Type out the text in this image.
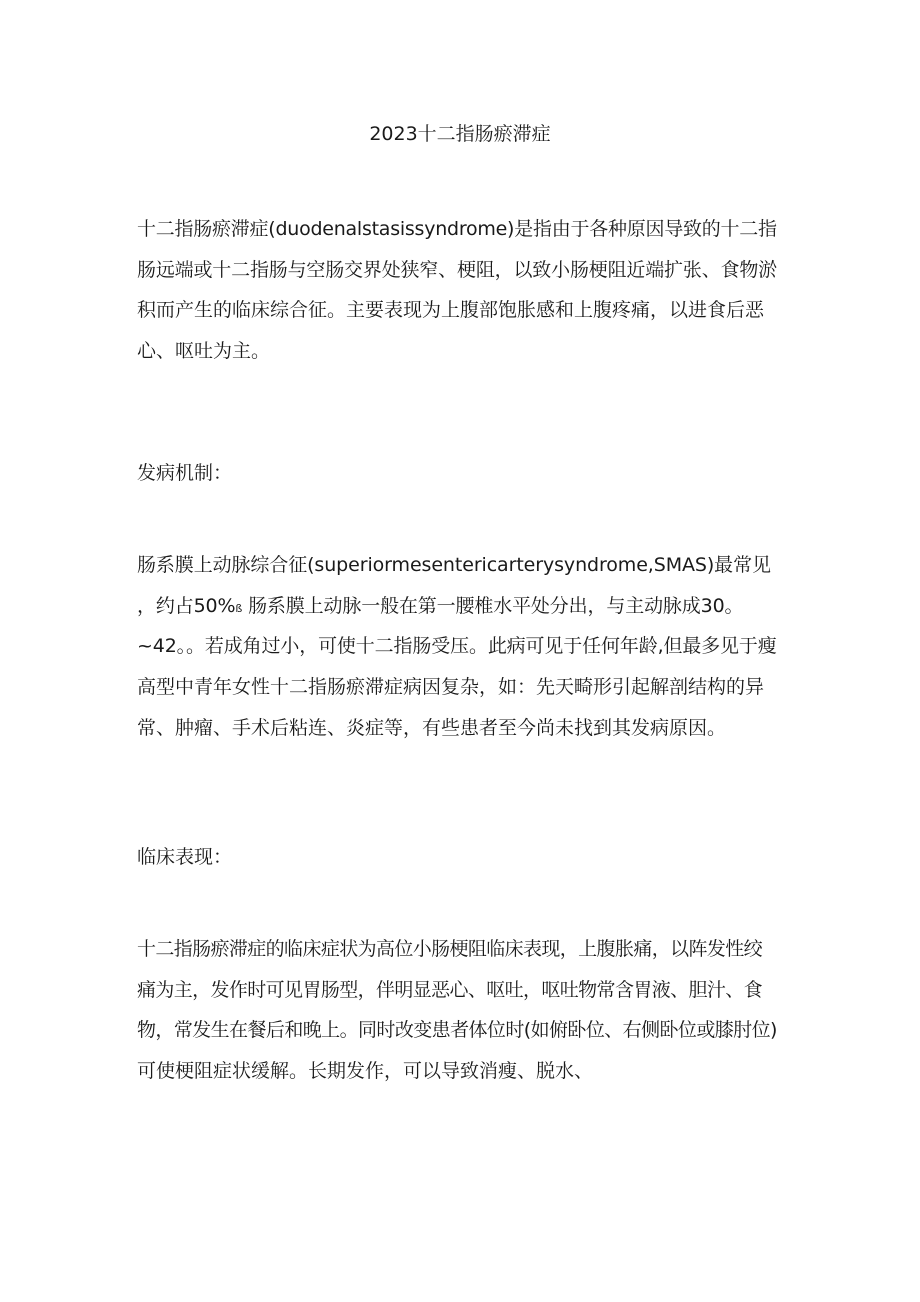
2023十二指肠瘀滞症
十二指肠瘀滞症(duodenalstasissyndrome)是指由于各种原因导致的十二指
肠远端或十二指肠与空肠交界处狭窄、梗阻，以致小肠梗阻近端扩张、食物淤
积而产生的临床综合征。主要表现为上腹部饱胀感和上腹疼痛，以进食后恶
心、呕吐为主。
发病机制：
肠系膜上动脉综合征(superiormesentericarterysyndrome,SMAS)最常见
，约占50%ß 肠系膜上动脉一般在第一腰椎水平处分出，与主动脉成30。
~42。。若成角过小，可使十二指肠受压。此病可见于任何年龄,但最多见于瘦
高型中青年女性十二指肠瘀滞症病因复杂，如：先天畸形引起解剖结构的异
常、肿瘤、手术后粘连、炎症等，有些患者至今尚未找到其发病原因。
临床表现：
十二指肠瘀滞症的临床症状为高位小肠梗阻临床表现，上腹胀痛，以阵发性绞
痛为主，发作时可见胃肠型，伴明显恶心、呕吐，呕吐物常含胃液、胆汁、食
物，常发生在餐后和晚上。同时改变患者体位时(如俯卧位、右侧卧位或膝肘位)
可使梗阻症状缓解。长期发作，可以导致消瘦、脱水、
